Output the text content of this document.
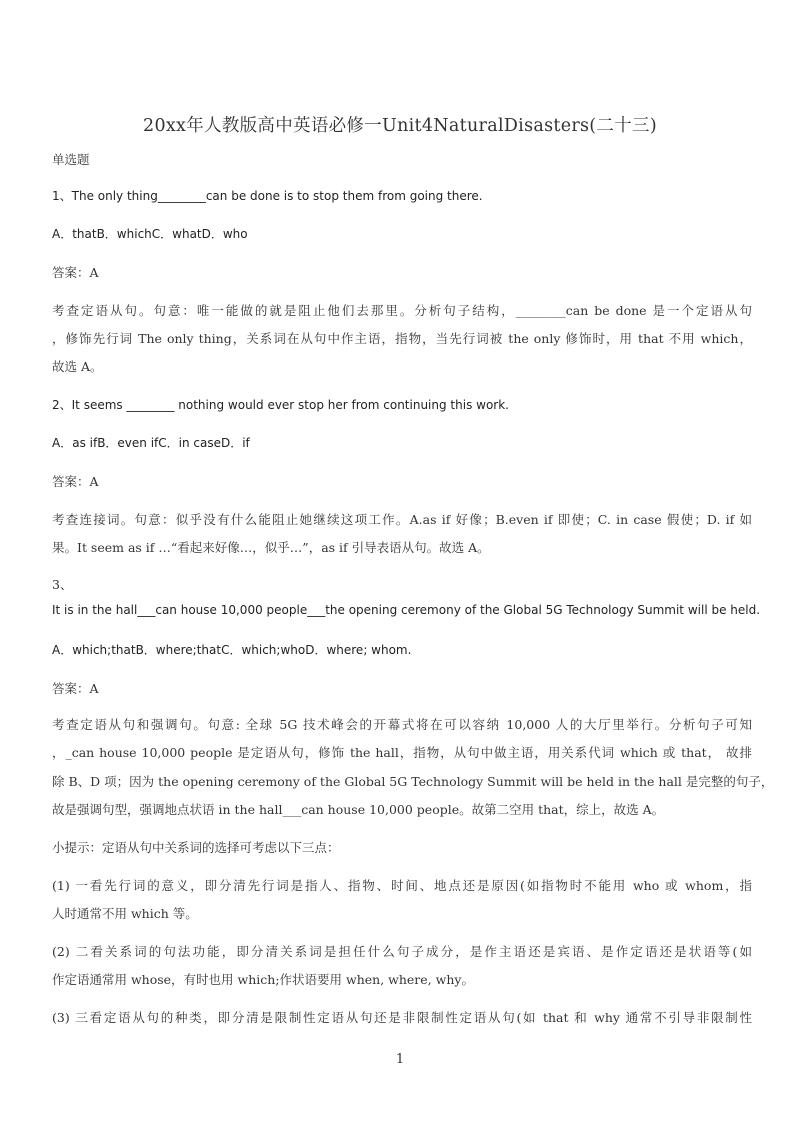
20xx年人教版高中英语必修一Unit4NaturalDisasters(二十三)
单选题
1、The only thing________can be done is to stop them from going there.
A．thatB．whichC．whatD．who
答案：A
考查定语从句。句意：唯一能做的就是阻止他们去那里。分析句子结构，________can be done 是一个定语从句
，修饰先行词 The only thing，关系词在从句中作主语，指物，当先行词被 the only 修饰时，用 that 不用 which，
故选 A。
2、It seems ________ nothing would ever stop her from continuing this work.
A．as ifB．even ifC．in caseD．if
答案：A
考查连接词。句意：似乎没有什么能阻止她继续这项工作。A.as if 好像；B.even if 即使；C. in case 假使；D. if 如
果。It seem as if …“看起来好像…，似乎…”，as if 引导表语从句。故选 A。
3、
It is in the hall___can house 10,000 people___the opening ceremony of the Global 5G Technology Summit will be held.
A．which;thatB．where;thatC．which;whoD．where; whom.
答案：A
考查定语从句和强调句。句意: 全球 5G 技术峰会的开幕式将在可以容纳 10,000 人的大厅里举行。分析句子可知
，_can house 10,000 people 是定语从句，修饰 the hall，指物，从句中做主语，用关系代词 which 或 that， 故排
除 B、D 项；因为 the opening ceremony of the Global 5G Technology Summit will be held in the hall 是完整的句子，
故是强调句型，强调地点状语 in the hall___can house 10,000 people。故第二空用 that，综上，故选 A。
小提示：定语从句中关系词的选择可考虑以下三点：
(1) 一看先行词的意义，即分清先行词是指人、指物、时间、地点还是原因(如指物时不能用 who 或 whom，指
人时通常不用 which 等。
(2) 二看关系词的句法功能，即分清关系词是担任什么句子成分，是作主语还是宾语、是作定语还是状语等(如
作定语通常用 whose，有时也用 which;作状语要用 when, where, why。
(3) 三看定语从句的种类，即分清是限制性定语从句还是非限制性定语从句(如 that 和 why 通常不引导非限制性
1
